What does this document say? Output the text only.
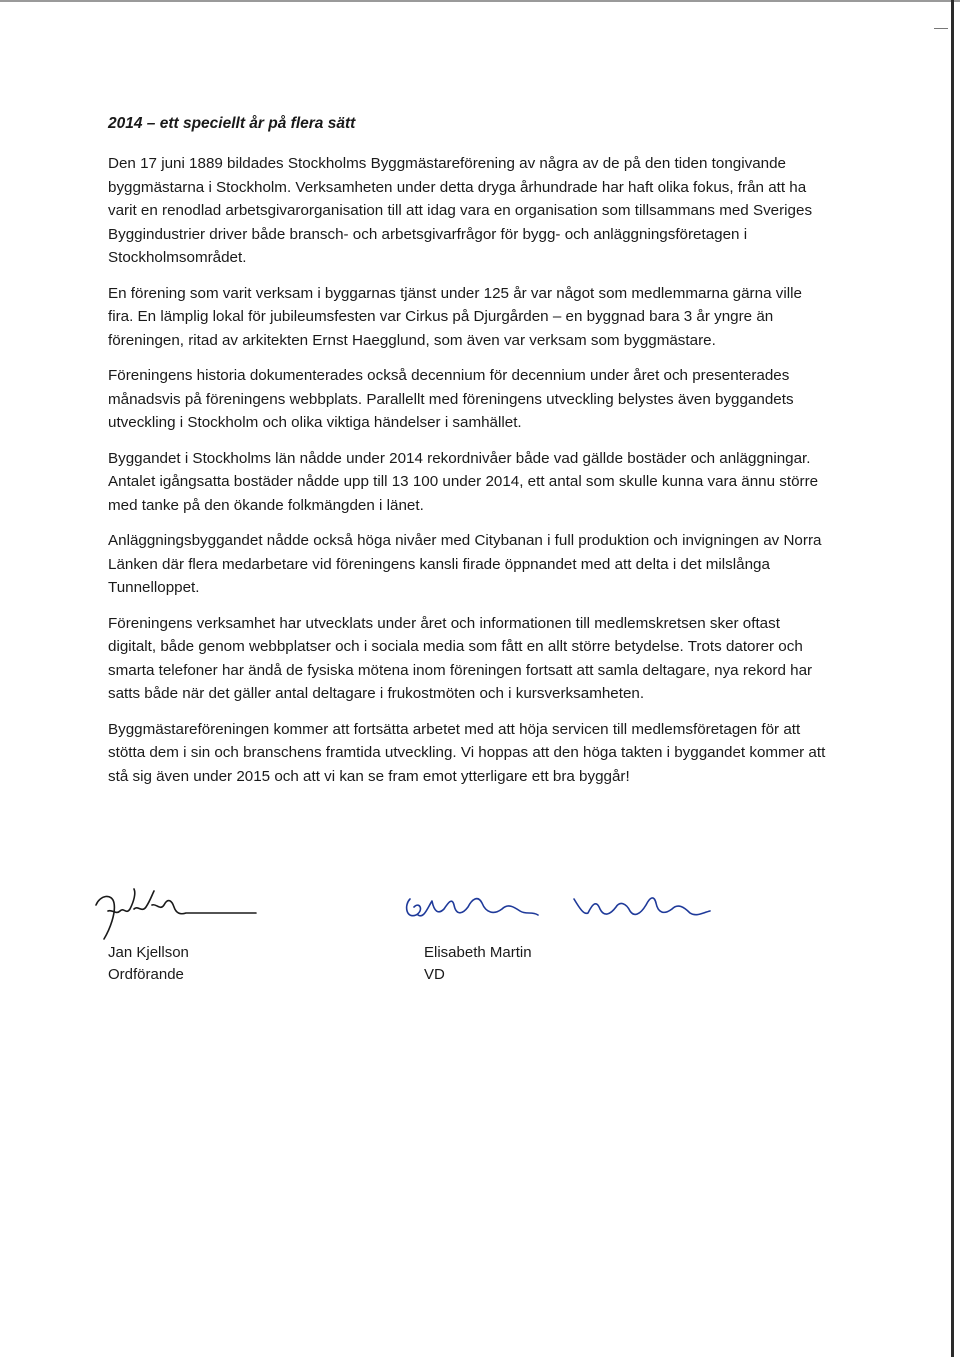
2014 – ett speciellt år på flera sätt

Den 17 juni 1889 bildades Stockholms Byggmästareförening av några av de på den tiden tongivande byggmästarna i Stockholm. Verksamheten under detta dryga århundrade har haft olika fokus, från att ha varit en renodlad arbetsgivarorganisation till att idag vara en organisation som tillsammans med Sveriges Byggindustrier driver både bransch- och arbetsgivarfrågor för bygg- och anläggningsföretagen i Stockholmsområdet.

En förening som varit verksam i byggarnas tjänst under 125 år var något som medlemmarna gärna ville fira. En lämplig lokal för jubileumsfesten var Cirkus på Djurgården – en byggnad bara 3 år yngre än föreningen, ritad av arkitekten Ernst Haegglund, som även var verksam som byggmästare.

Föreningens historia dokumenterades också decennium för decennium under året och presenterades månadsvis på föreningens webbplats. Parallellt med föreningens utveckling belystes även byggandets utveckling i Stockholm och olika viktiga händelser i samhället.

Byggandet i Stockholms län nådde under 2014 rekordnivåer både vad gällde bostäder och anläggningar. Antalet igångsatta bostäder nådde upp till 13 100 under 2014, ett antal som skulle kunna vara ännu större med tanke på den ökande folkmängden i länet.

Anläggningsbyggandet nådde också höga nivåer med Citybanan i full produktion och invigningen av Norra Länken där flera medarbetare vid föreningens kansli firade öppnandet med att delta i det milslånga Tunnelloppet.

Föreningens verksamhet har utvecklats under året och informationen till medlemskretsen sker oftast digitalt, både genom webbplatser och i sociala media som fått en allt större betydelse. Trots datorer och smarta telefoner har ändå de fysiska mötena inom föreningen fortsatt att samla deltagare, nya rekord har satts både när det gäller antal deltagare i frukostmöten och i kursverksamheten.

Byggmästareföreningen kommer att fortsätta arbetet med att höja servicen till medlemsföretagen för att stötta dem i sin och branschens framtida utveckling. Vi hoppas att den höga takten i byggandet kommer att stå sig även under 2015 och att vi kan se fram emot ytterligare ett bra byggår!

Jan Kjellson
Ordförande
Elisabeth Martin
VD
